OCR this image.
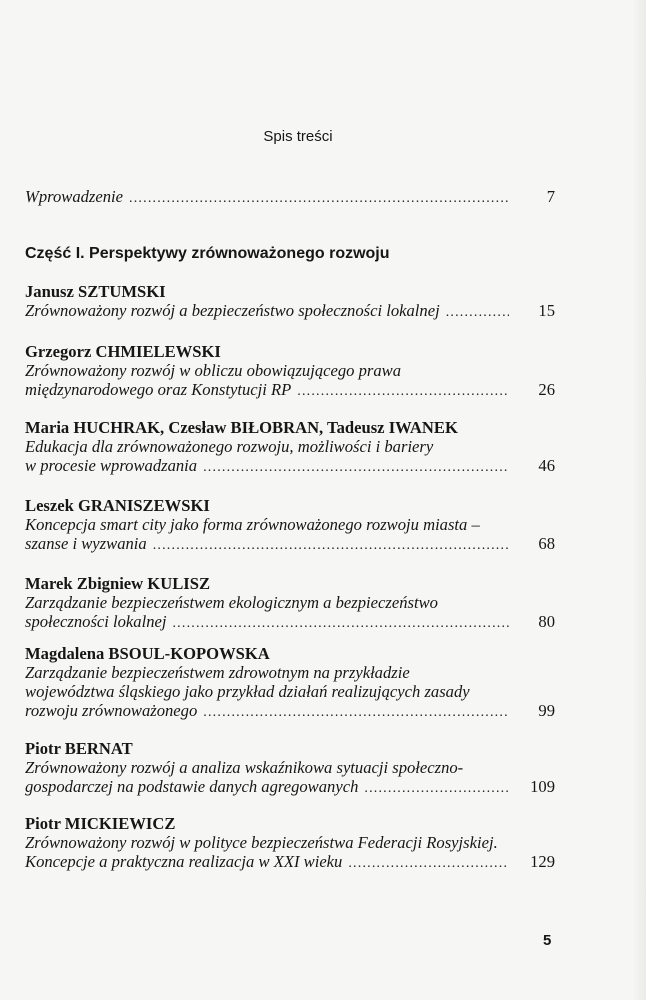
Spis treści
Wprowadzenie .....	7
Część I. Perspektywy zrównoważonego rozwoju
Janusz SZTUMSKI
Zrównoważony rozwój a bezpieczeństwo społeczności lokalnej .....	15
Grzegorz CHMIELEWSKI
Zrównoważony rozwój w obliczu obowiązującego prawa
międzynarodowego oraz Konstytucji RP .....	26
Maria HUCHRAK, Czesław BIŁOBRAN, Tadeusz IWANEK
Edukacja dla zrównoważonego rozwoju, możliwości i bariery
w procesie wprowadzania .....	46
Leszek GRANISZEWSKI
Koncepcja smart city jako forma zrównoważonego rozwoju miasta –
szanse i wyzwania .....	68
Marek Zbigniew KULISZ
Zarządzanie bezpieczeństwem ekologicznym a bezpieczeństwo
społeczności lokalnej .....	80
Magdalena BSOUL-KOPOWSKA
Zarządzanie bezpieczeństwem zdrowotnym na przykładzie
województwa śląskiego jako przykład działań realizujących zasady
rozwoju zrównoważonego .....	99
Piotr BERNAT
Zrównoważony rozwój a analiza wskaźnikowa sytuacji społeczno-
gospodarczej na podstawie danych agregowanych .....	109
Piotr MICKIEWICZ
Zrównoważony rozwój w polityce bezpieczeństwa Federacji Rosyjskiej.
Koncepcje a praktyczna realizacja w XXI wieku .....	129
5
